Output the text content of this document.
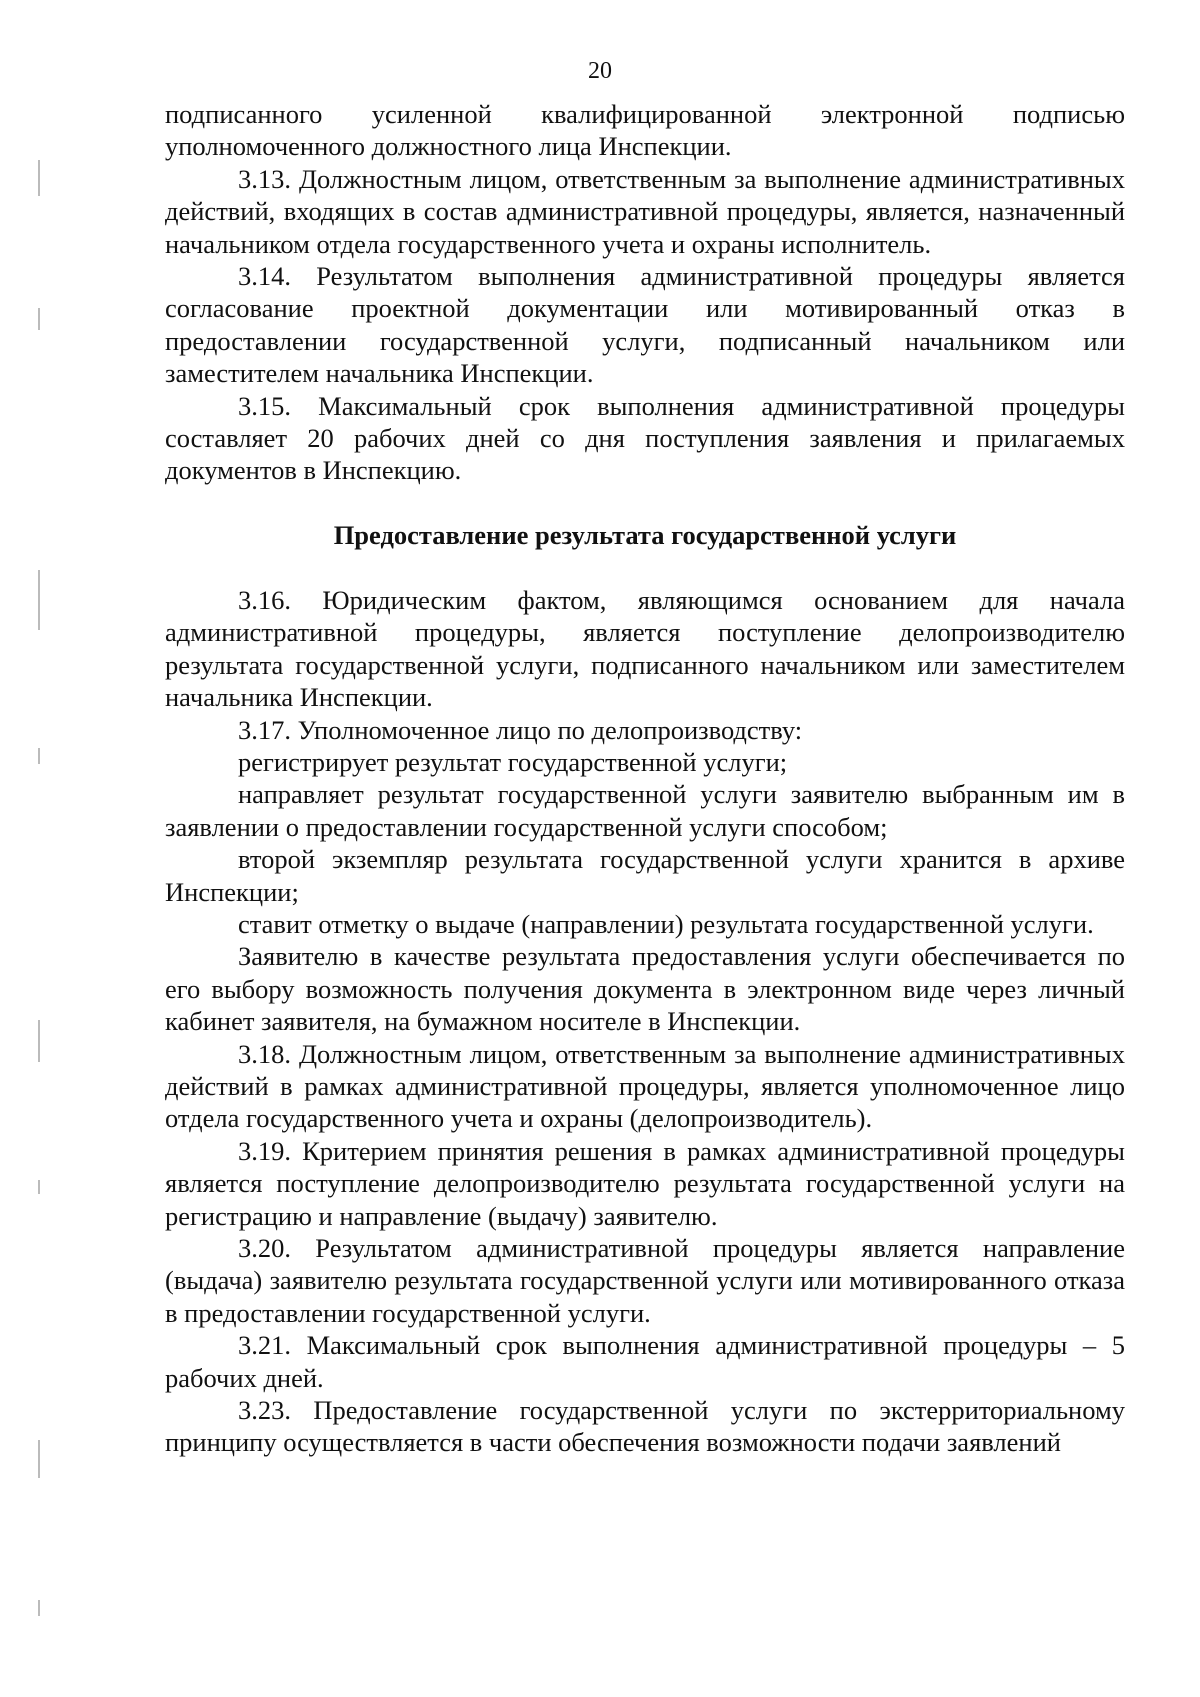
20

подписанного усиленной квалифицированной электронной подписью уполномоченного должностного лица Инспекции.

3.13. Должностным лицом, ответственным за выполнение административных действий, входящих в состав административной процедуры, является, назначенный начальником отдела государственного учета и охраны исполнитель.

3.14. Результатом выполнения административной процедуры является согласование проектной документации или мотивированный отказ в предоставлении государственной услуги, подписанный начальником или заместителем начальника Инспекции.

3.15. Максимальный срок выполнения административной процедуры составляет 20 рабочих дней со дня поступления заявления и прилагаемых документов в Инспекцию.

Предоставление результата государственной услуги

3.16. Юридическим фактом, являющимся основанием для начала административной процедуры, является поступление делопроизводителю результата государственной услуги, подписанного начальником или заместителем начальника Инспекции.

3.17. Уполномоченное лицо по делопроизводству:

регистрирует результат государственной услуги;

направляет результат государственной услуги заявителю выбранным им в заявлении о предоставлении государственной услуги способом;

второй экземпляр результата государственной услуги хранится в архиве Инспекции;

ставит отметку о выдаче (направлении) результата государственной услуги.

Заявителю в качестве результата предоставления услуги обеспечивается по его выбору возможность получения документа в электронном виде через личный кабинет заявителя, на бумажном носителе в Инспекции.

3.18. Должностным лицом, ответственным за выполнение административных действий в рамках административной процедуры, является уполномоченное лицо отдела государственного учета и охраны (делопроизводитель).

3.19. Критерием принятия решения в рамках административной процедуры является поступление делопроизводителю результата государственной услуги на регистрацию и направление (выдачу) заявителю.

3.20. Результатом административной процедуры является направление (выдача) заявителю результата государственной услуги или мотивированного отказа в предоставлении государственной услуги.

3.21. Максимальный срок выполнения административной процедуры – 5 рабочих дней.

3.23. Предоставление государственной услуги по экстерриториальному принципу осуществляется в части обеспечения возможности подачи заявлений
